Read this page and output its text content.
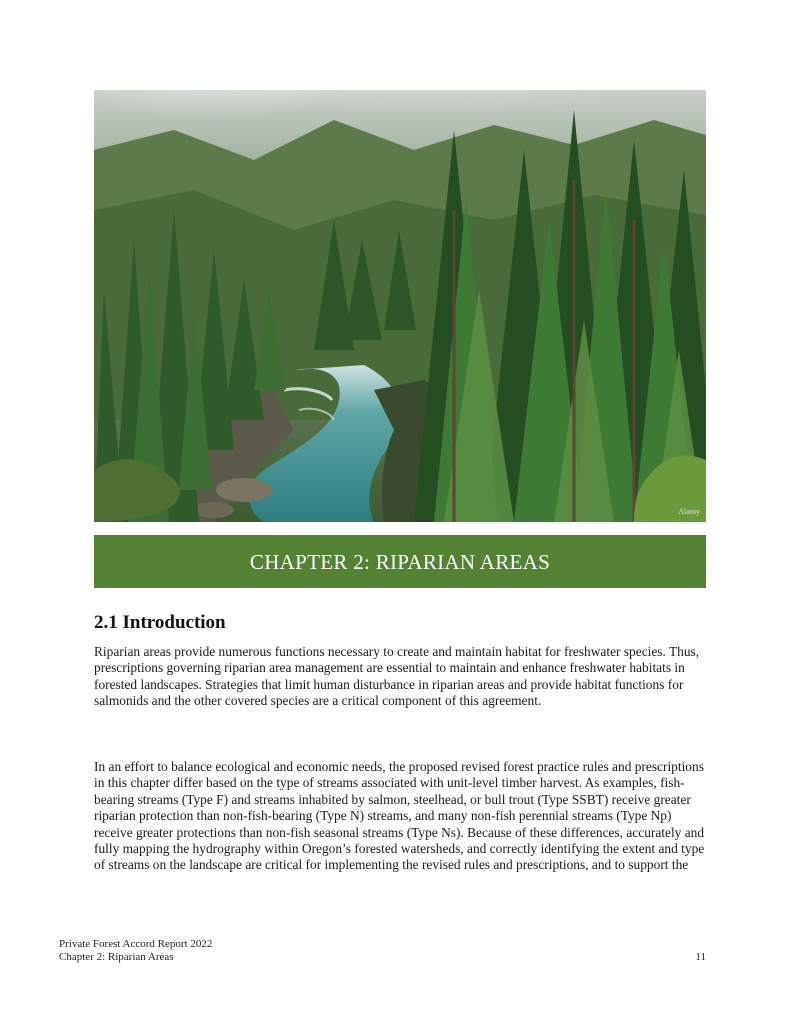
Alamy
CHAPTER 2: RIPARIAN AREAS
2.1 Introduction

Riparian areas provide numerous functions necessary to create and maintain habitat for freshwater species. Thus, prescriptions governing riparian area management are essential to maintain and enhance freshwater habitats in forested landscapes. Strategies that limit human disturbance in riparian areas and provide habitat functions for salmonids and the other covered species are a critical component of this agreement.

In an effort to balance ecological and economic needs, the proposed revised forest practice rules and prescriptions in this chapter differ based on the type of streams associated with unit-level timber harvest. As examples, fish-bearing streams (Type F) and streams inhabited by salmon, steelhead, or bull trout (Type SSBT) receive greater riparian protection than non-fish-bearing (Type N) streams, and many non-fish perennial streams (Type Np) receive greater protections than non-fish seasonal streams (Type Ns). Because of these differences, accurately and fully mapping the hydrography within Oregon’s forested watersheds, and correctly identifying the extent and type of streams on the landscape are critical for implementing the revised rules and prescriptions, and to support the

Private Forest Accord Report 2022
Chapter 2: Riparian Areas	11
